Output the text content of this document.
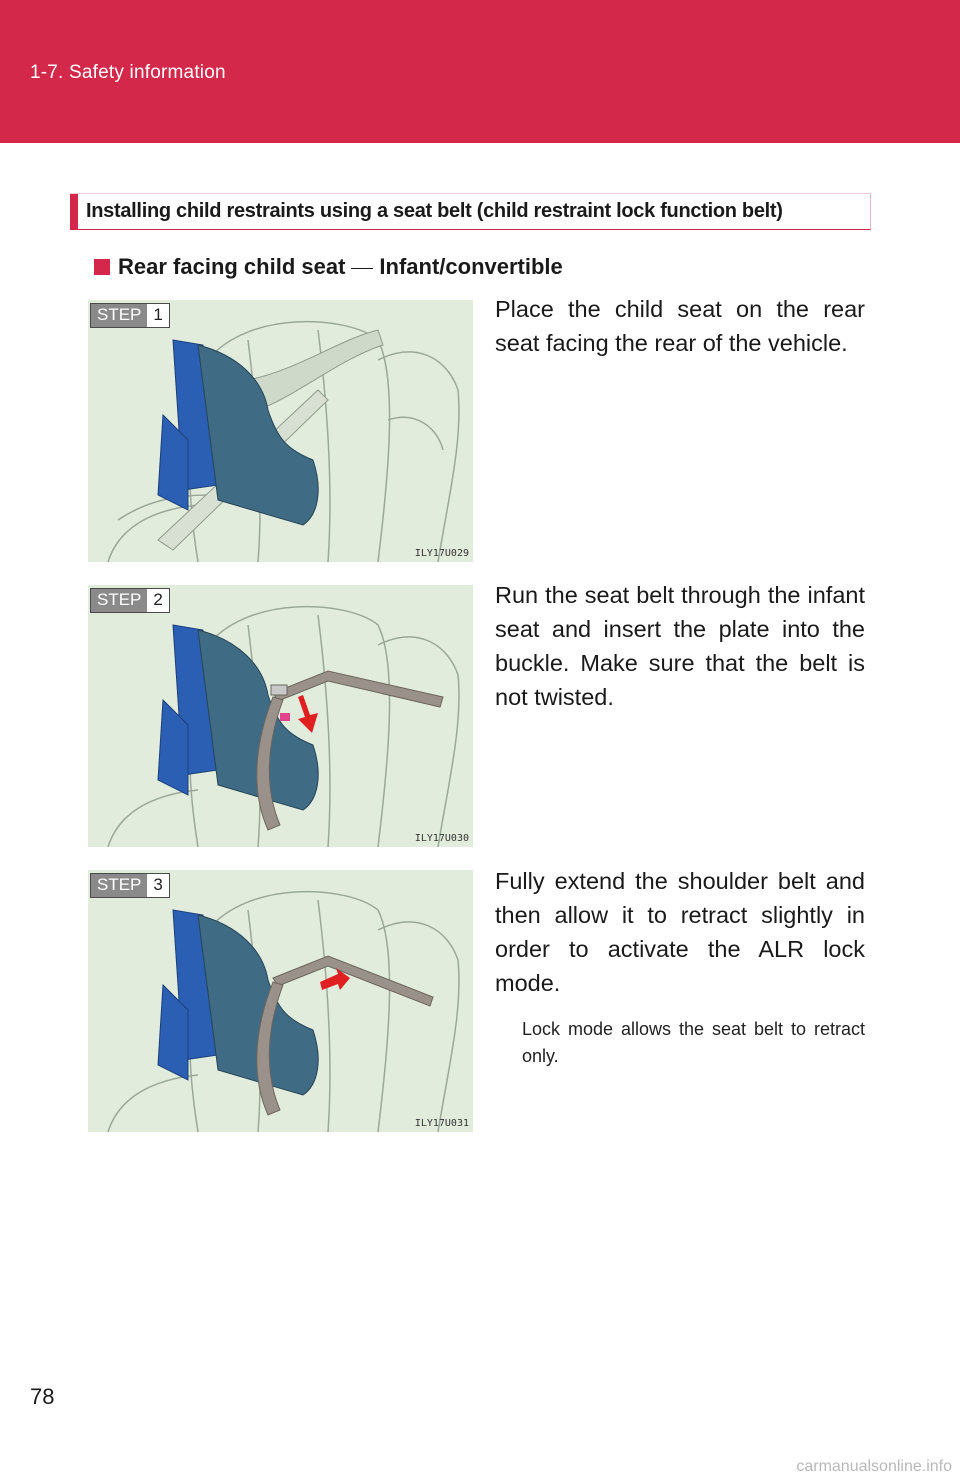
1-7. Safety information
Installing child restraints using a seat belt (child restraint lock function belt)
Rear facing child seat Infant/convertible
STEP 1
ILY17U029
Place the child seat on the rear seat facing the rear of the vehicle.
STEP 2
ILY17U030
Run the seat belt through the infant seat and insert the plate into the buckle. Make sure that the belt is not twisted.
STEP 3
ILY17U031
Fully extend the shoulder belt and then allow it to retract slightly in order to activate the ALR lock mode.
Lock mode allows the seat belt to retract only.
78
carmanualsonline.info
